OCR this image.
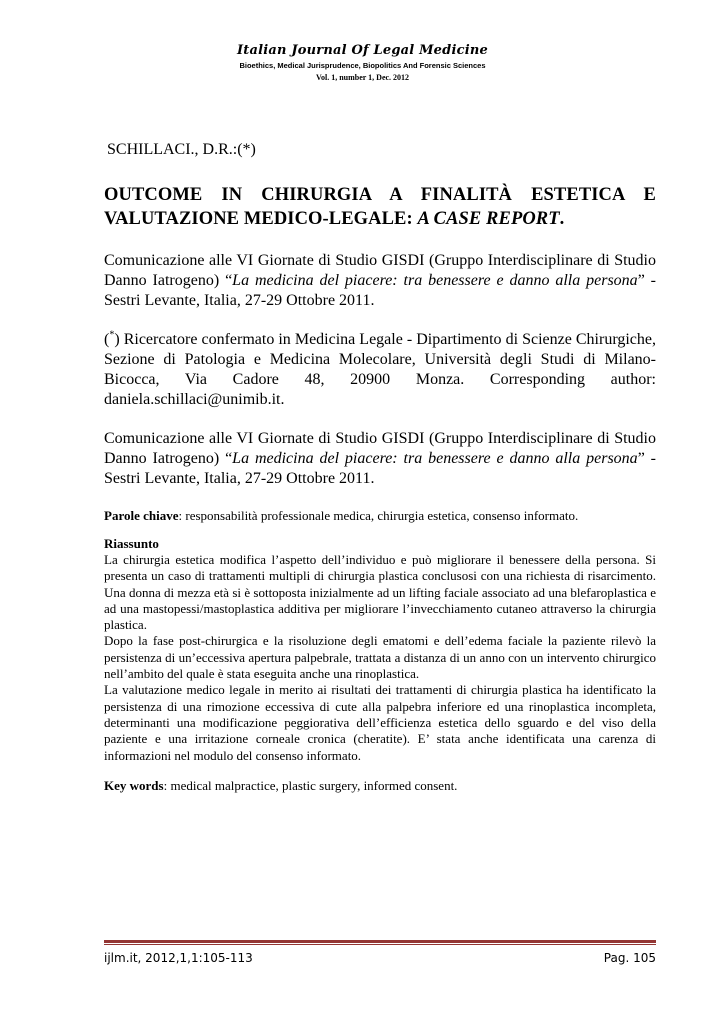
Italian Journal Of Legal Medicine
Bioethics, Medical Jurisprudence, Biopolitics And Forensic Sciences
Vol. 1, number 1, Dec. 2012
SCHILLACI., D.R.:(*)
OUTCOME IN CHIRURGIA A FINALITÀ ESTETICA E VALUTAZIONE MEDICO-LEGALE: A CASE REPORT.

Comunicazione alle VI Giornate di Studio GISDI (Gruppo Interdisciplinare di Studio Danno Iatrogeno) “La medicina del piacere: tra benessere e danno alla persona” - Sestri Levante, Italia, 27-29 Ottobre 2011.

(*) Ricercatore confermato in Medicina Legale - Dipartimento di Scienze Chirurgiche, Sezione di Patologia e Medicina Molecolare, Università degli Studi di Milano-Bicocca, Via Cadore 48, 20900 Monza. Corresponding author: daniela.schillaci@unimib.it.

Comunicazione alle VI Giornate di Studio GISDI (Gruppo Interdisciplinare di Studio Danno Iatrogeno) “La medicina del piacere: tra benessere e danno alla persona” - Sestri Levante, Italia, 27-29 Ottobre 2011.

Parole chiave: responsabilità professionale medica, chirurgia estetica, consenso informato.
Riassunto

La chirurgia estetica modifica l’aspetto dell’individuo e può migliorare il benessere della persona. Si presenta un caso di trattamenti multipli di chirurgia plastica conclusosi con una richiesta di risarcimento. Una donna di mezza età si è sottoposta inizialmente ad un lifting faciale associato ad una blefaroplastica e ad una mastopessi/mastoplastica additiva per migliorare l’invecchiamento cutaneo attraverso la chirurgia plastica.

Dopo la fase post-chirurgica e la risoluzione degli ematomi e dell’edema faciale la paziente rilevò la persistenza di un’eccessiva apertura palpebrale, trattata a distanza di un anno con un intervento chirurgico nell’ambito del quale è stata eseguita anche una rinoplastica.

La valutazione medico legale in merito ai risultati dei trattamenti di chirurgia plastica ha identificato la persistenza di una rimozione eccessiva di cute alla palpebra inferiore ed una rinoplastica incompleta, determinanti una modificazione peggiorativa dell’efficienza estetica dello sguardo e del viso della paziente e una irritazione corneale cronica (cheratite). E’ stata anche identificata una carenza di informazioni nel modulo del consenso informato.

Key words: medical malpractice, plastic surgery, informed consent.
ijlm.it, 2012,1,1:105-113	Pag. 105
